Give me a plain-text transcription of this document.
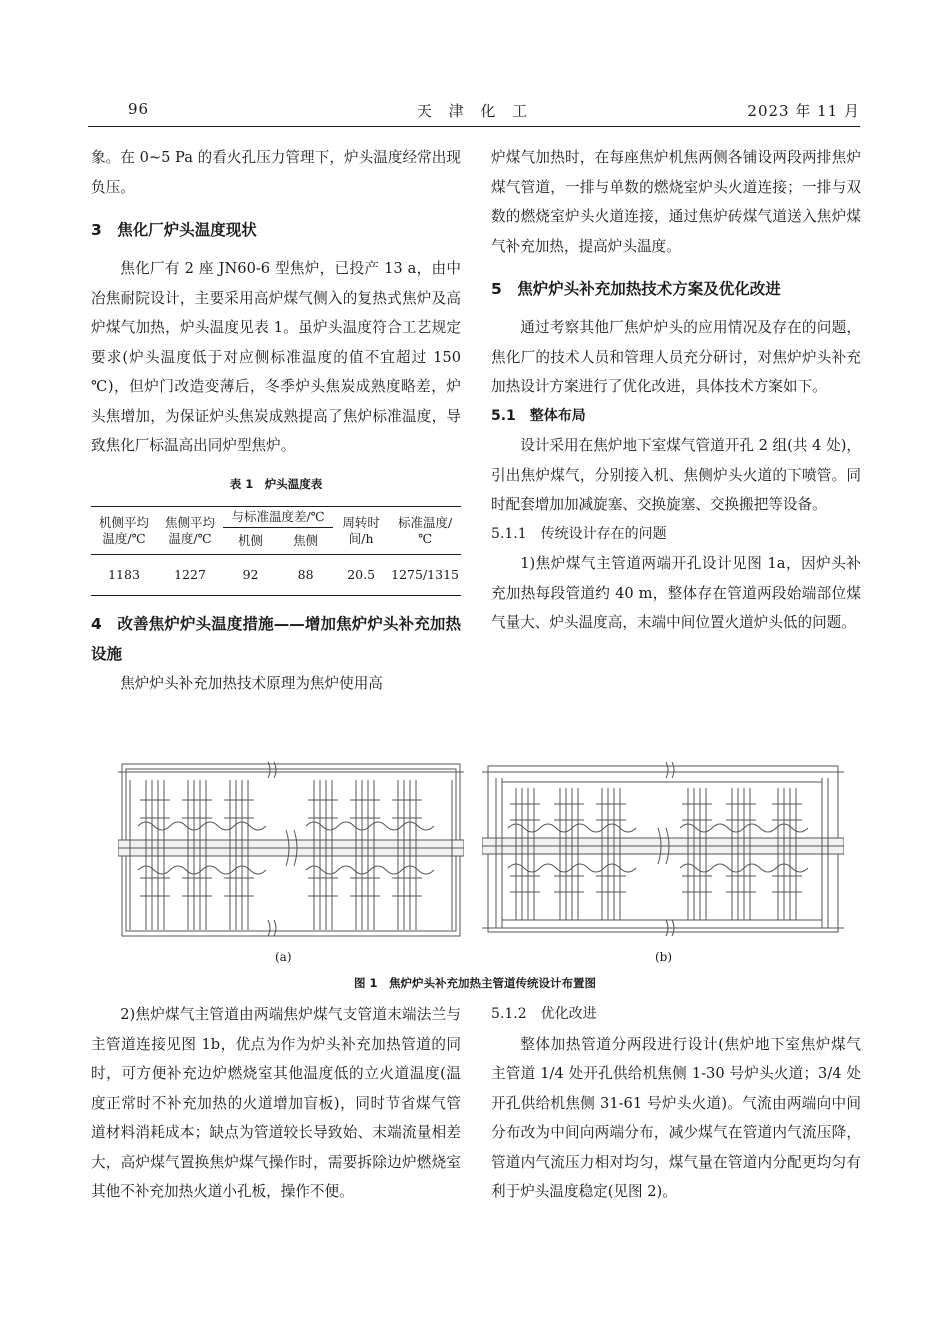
96	天 津 化 工	2023 年 11 月

象。在 0~5 Pa 的看火孔压力管理下，炉头温度经常出现负压。

3　焦化厂炉头温度现状

焦化厂有 2 座 JN60-6 型焦炉，已投产 13 a，由中冶焦耐院设计，主要采用高炉煤气侧入的复热式焦炉及高炉煤气加热，炉头温度见表 1。虽炉头温度符合工艺规定要求(炉头温度低于对应侧标准温度的值不宜超过 150 ℃)，但炉门改造变薄后，冬季炉头焦炭成熟度略差，炉头焦增加，为保证炉头焦炭成熟提高了焦炉标准温度，导致焦化厂标温高出同炉型焦炉。

表 1　炉头温度表
机侧平均温度/℃	焦侧平均温度/℃	与标准温度差/℃		周转时间/h	标准温度/℃
		机侧	焦侧		
1183	1227	92	88	20.5	1275/1315

4　改善焦炉炉头温度措施——增加焦炉炉头补充加热设施

焦炉炉头补充加热技术原理为焦炉使用高

炉煤气加热时，在每座焦炉机焦两侧各铺设两段两排焦炉煤气管道，一排与单数的燃烧室炉头火道连接；一排与双数的燃烧室炉头火道连接，通过焦炉砖煤气道送入焦炉煤气补充加热，提高炉头温度。

5　焦炉炉头补充加热技术方案及优化改进

通过考察其他厂焦炉炉头的应用情况及存在的问题，焦化厂的技术人员和管理人员充分研讨，对焦炉炉头补充加热设计方案进行了优化改进，具体技术方案如下。

5.1　整体布局

设计采用在焦炉地下室煤气管道开孔 2 组(共 4 处)，引出焦炉煤气，分别接入机、焦侧炉头火道的下喷管。同时配套增加加减旋塞、交换旋塞、交换搬把等设备。

5.1.1　传统设计存在的问题

1)焦炉煤气主管道两端开孔设计见图 1a，因炉头补充加热每段管道约 40 m，整体存在管道两段始端部位煤气量大、炉头温度高，末端中间位置火道炉头低的问题。

(a)	(b)
图 1　焦炉炉头补充加热主管道传统设计布置图

2)焦炉煤气主管道由两端焦炉煤气支管道末端法兰与主管道连接见图 1b，优点为作为炉头补充加热管道的同时，可方便补充边炉燃烧室其他温度低的立火道温度(温度正常时不补充加热的火道增加盲板)，同时节省煤气管道材料消耗成本；缺点为管道较长导致始、末端流量相差大，高炉煤气置换焦炉煤气操作时，需要拆除边炉燃烧室其他不补充加热火道小孔板，操作不便。

5.1.2　优化改进

整体加热管道分两段进行设计(焦炉地下室焦炉煤气主管道 1/4 处开孔供给机焦侧 1-30 号炉头火道；3/4 处开孔供给机焦侧 31-61 号炉头火道)。气流由两端向中间分布改为中间向两端分布，减少煤气在管道内气流压降，管道内气流压力相对均匀，煤气量在管道内分配更均匀有利于炉头温度稳定(见图 2)。
